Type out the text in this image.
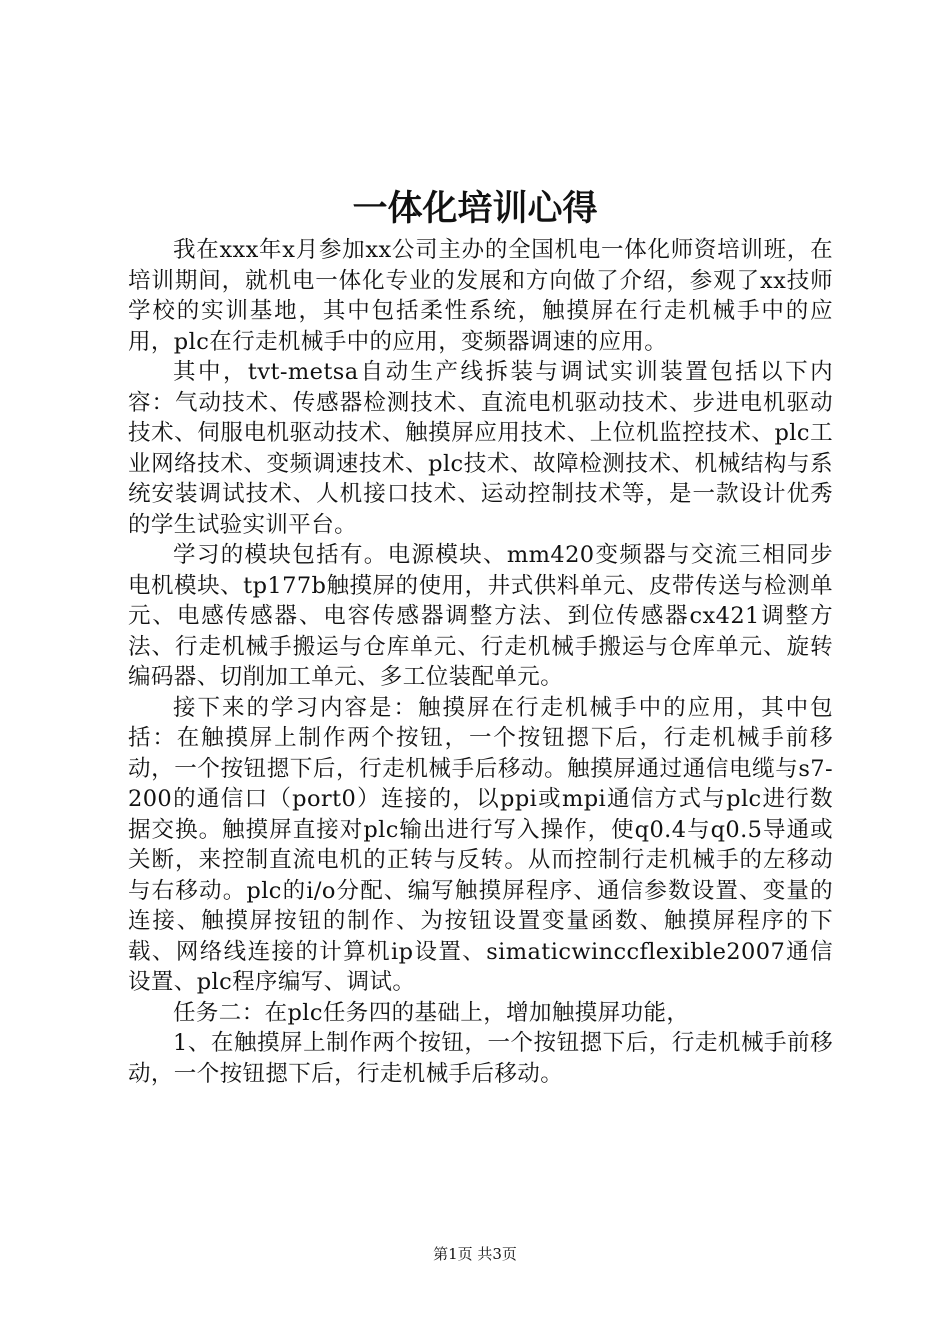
一体化培训心得

我在xxx年x月参加xx公司主办的全国机电一体化师资培训班，在培训期间，就机电一体化专业的发展和方向做了介绍，参观了xx技师学校的实训基地，其中包括柔性系统，触摸屏在行走机械手中的应用，plc在行走机械手中的应用，变频器调速的应用。

其中，tvt-metsa自动生产线拆装与调试实训装置包括以下内容：气动技术、传感器检测技术、直流电机驱动技术、步进电机驱动技术、伺服电机驱动技术、触摸屏应用技术、上位机监控技术、plc工业网络技术、变频调速技术、plc技术、故障检测技术、机械结构与系统安装调试技术、人机接口技术、运动控制技术等，是一款设计优秀的学生试验实训平台。

学习的模块包括有。电源模块、mm420变频器与交流三相同步电机模块、tp177b触摸屏的使用，井式供料单元、皮带传送与检测单元、电感传感器、电容传感器调整方法、到位传感器cx421调整方法、行走机械手搬运与仓库单元、行走机械手搬运与仓库单元、旋转编码器、切削加工单元、多工位装配单元。

接下来的学习内容是：触摸屏在行走机械手中的应用，其中包括：在触摸屏上制作两个按钮，一个按钮摁下后，行走机械手前移动，一个按钮摁下后，行走机械手后移动。触摸屏通过通信电缆与s7-200的通信口（port0）连接的，以ppi或mpi通信方式与plc进行数据交换。触摸屏直接对plc输出进行写入操作，使q0.4与q0.5导通或关断，来控制直流电机的正转与反转。从而控制行走机械手的左移动与右移动。plc的i/o分配、编写触摸屏程序、通信参数设置、变量的连接、触摸屏按钮的制作、为按钮设置变量函数、触摸屏程序的下载、网络线连接的计算机ip设置、simaticwinccflexible2007通信设置、plc程序编写、调试。

任务二：在plc任务四的基础上，增加触摸屏功能，

1、在触摸屏上制作两个按钮，一个按钮摁下后，行走机械手前移动，一个按钮摁下后，行走机械手后移动。

第1页 共3页
